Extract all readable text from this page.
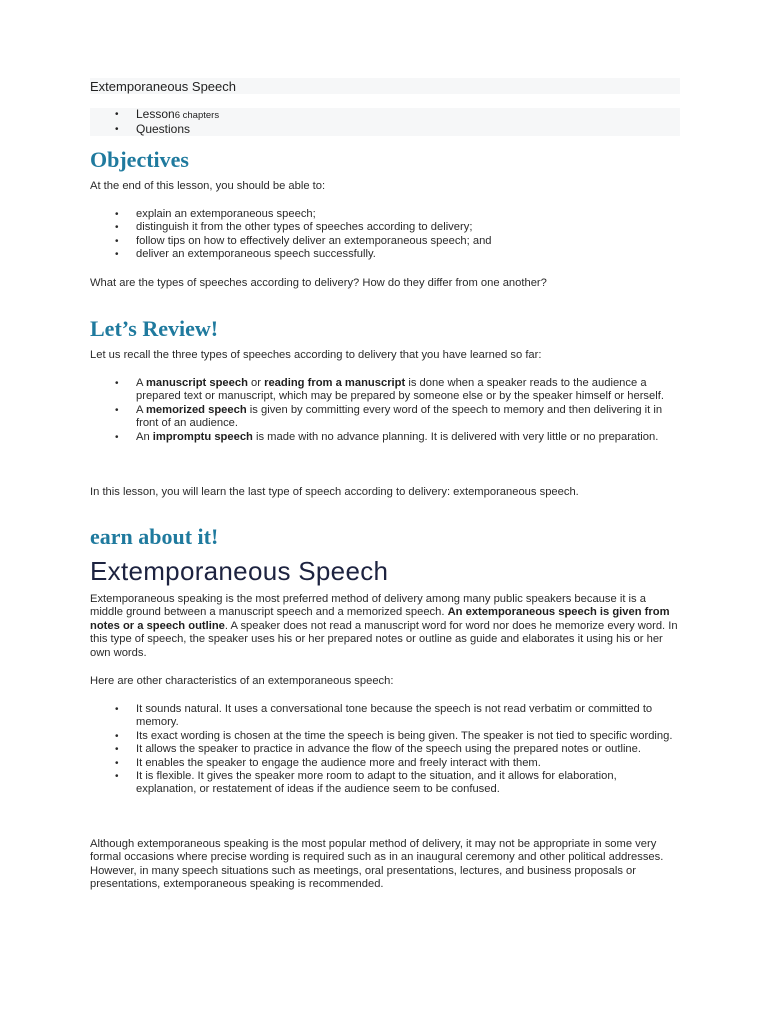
Extemporaneous Speech
• Lesson6 chapters
• Questions
Objectives

At the end of this lesson, you should be able to:

• explain an extemporaneous speech;
• distinguish it from the other types of speeches according to delivery;
• follow tips on how to effectively deliver an extemporaneous speech; and
• deliver an extemporaneous speech successfully.

What are the types of speeches according to delivery? How do they differ from one another?

Let’s Review!

Let us recall the three types of speeches according to delivery that you have learned so far:

• A manuscript speech or reading from a manuscript is done when a speaker reads to the audience a prepared text or manuscript, which may be prepared by someone else or by the speaker himself or herself.
• A memorized speech is given by committing every word of the speech to memory and then delivering it in front of an audience.
• An impromptu speech is made with no advance planning. It is delivered with very little or no preparation.

In this lesson, you will learn the last type of speech according to delivery: extemporaneous speech.

earn about it!
Extemporaneous Speech

Extemporaneous speaking is the most preferred method of delivery among many public speakers because it is a middle ground between a manuscript speech and a memorized speech. An extemporaneous speech is given from notes or a speech outline. A speaker does not read a manuscript word for word nor does he memorize every word. In this type of speech, the speaker uses his or her prepared notes or outline as guide and elaborates it using his or her own words.

Here are other characteristics of an extemporaneous speech:

• It sounds natural. It uses a conversational tone because the speech is not read verbatim or committed to memory.
• Its exact wording is chosen at the time the speech is being given. The speaker is not tied to specific wording.
• It allows the speaker to practice in advance the flow of the speech using the prepared notes or outline.
• It enables the speaker to engage the audience more and freely interact with them.
• It is flexible. It gives the speaker more room to adapt to the situation, and it allows for elaboration, explanation, or restatement of ideas if the audience seem to be confused.

Although extemporaneous speaking is the most popular method of delivery, it may not be appropriate in some very formal occasions where precise wording is required such as in an inaugural ceremony and other political addresses. However, in many speech situations such as meetings, oral presentations, lectures, and business proposals or presentations, extemporaneous speaking is recommended.
